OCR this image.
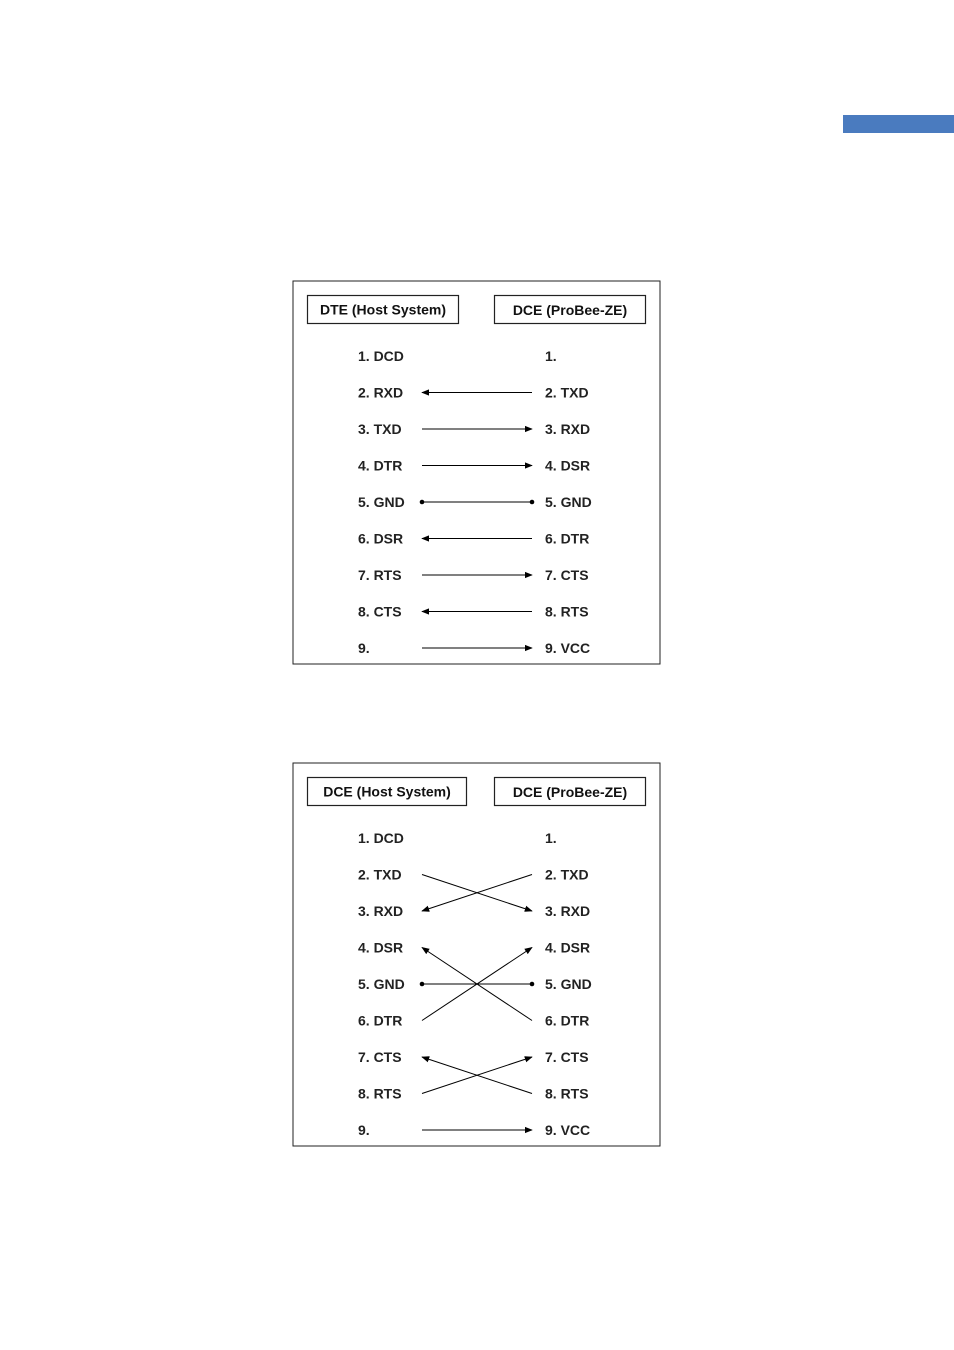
DTE (Host System)	DCE (ProBee-ZE)
1. DCD
2. RXD
3. TXD
4. DTR
5. GND
6. DSR
7. RTS
8. CTS
9.
1.
2. TXD
3. RXD
4. DSR
5. GND
6. DTR
7. CTS
8. RTS
9. VCC
DCE (Host System)	DCE (ProBee-ZE)
1. DCD
2. TXD
3. RXD
4. DSR
5. GND
6. DTR
7. CTS
8. RTS
9.
1.
2. TXD
3. RXD
4. DSR
5. GND
6. DTR
7. CTS
8. RTS
9. VCC
